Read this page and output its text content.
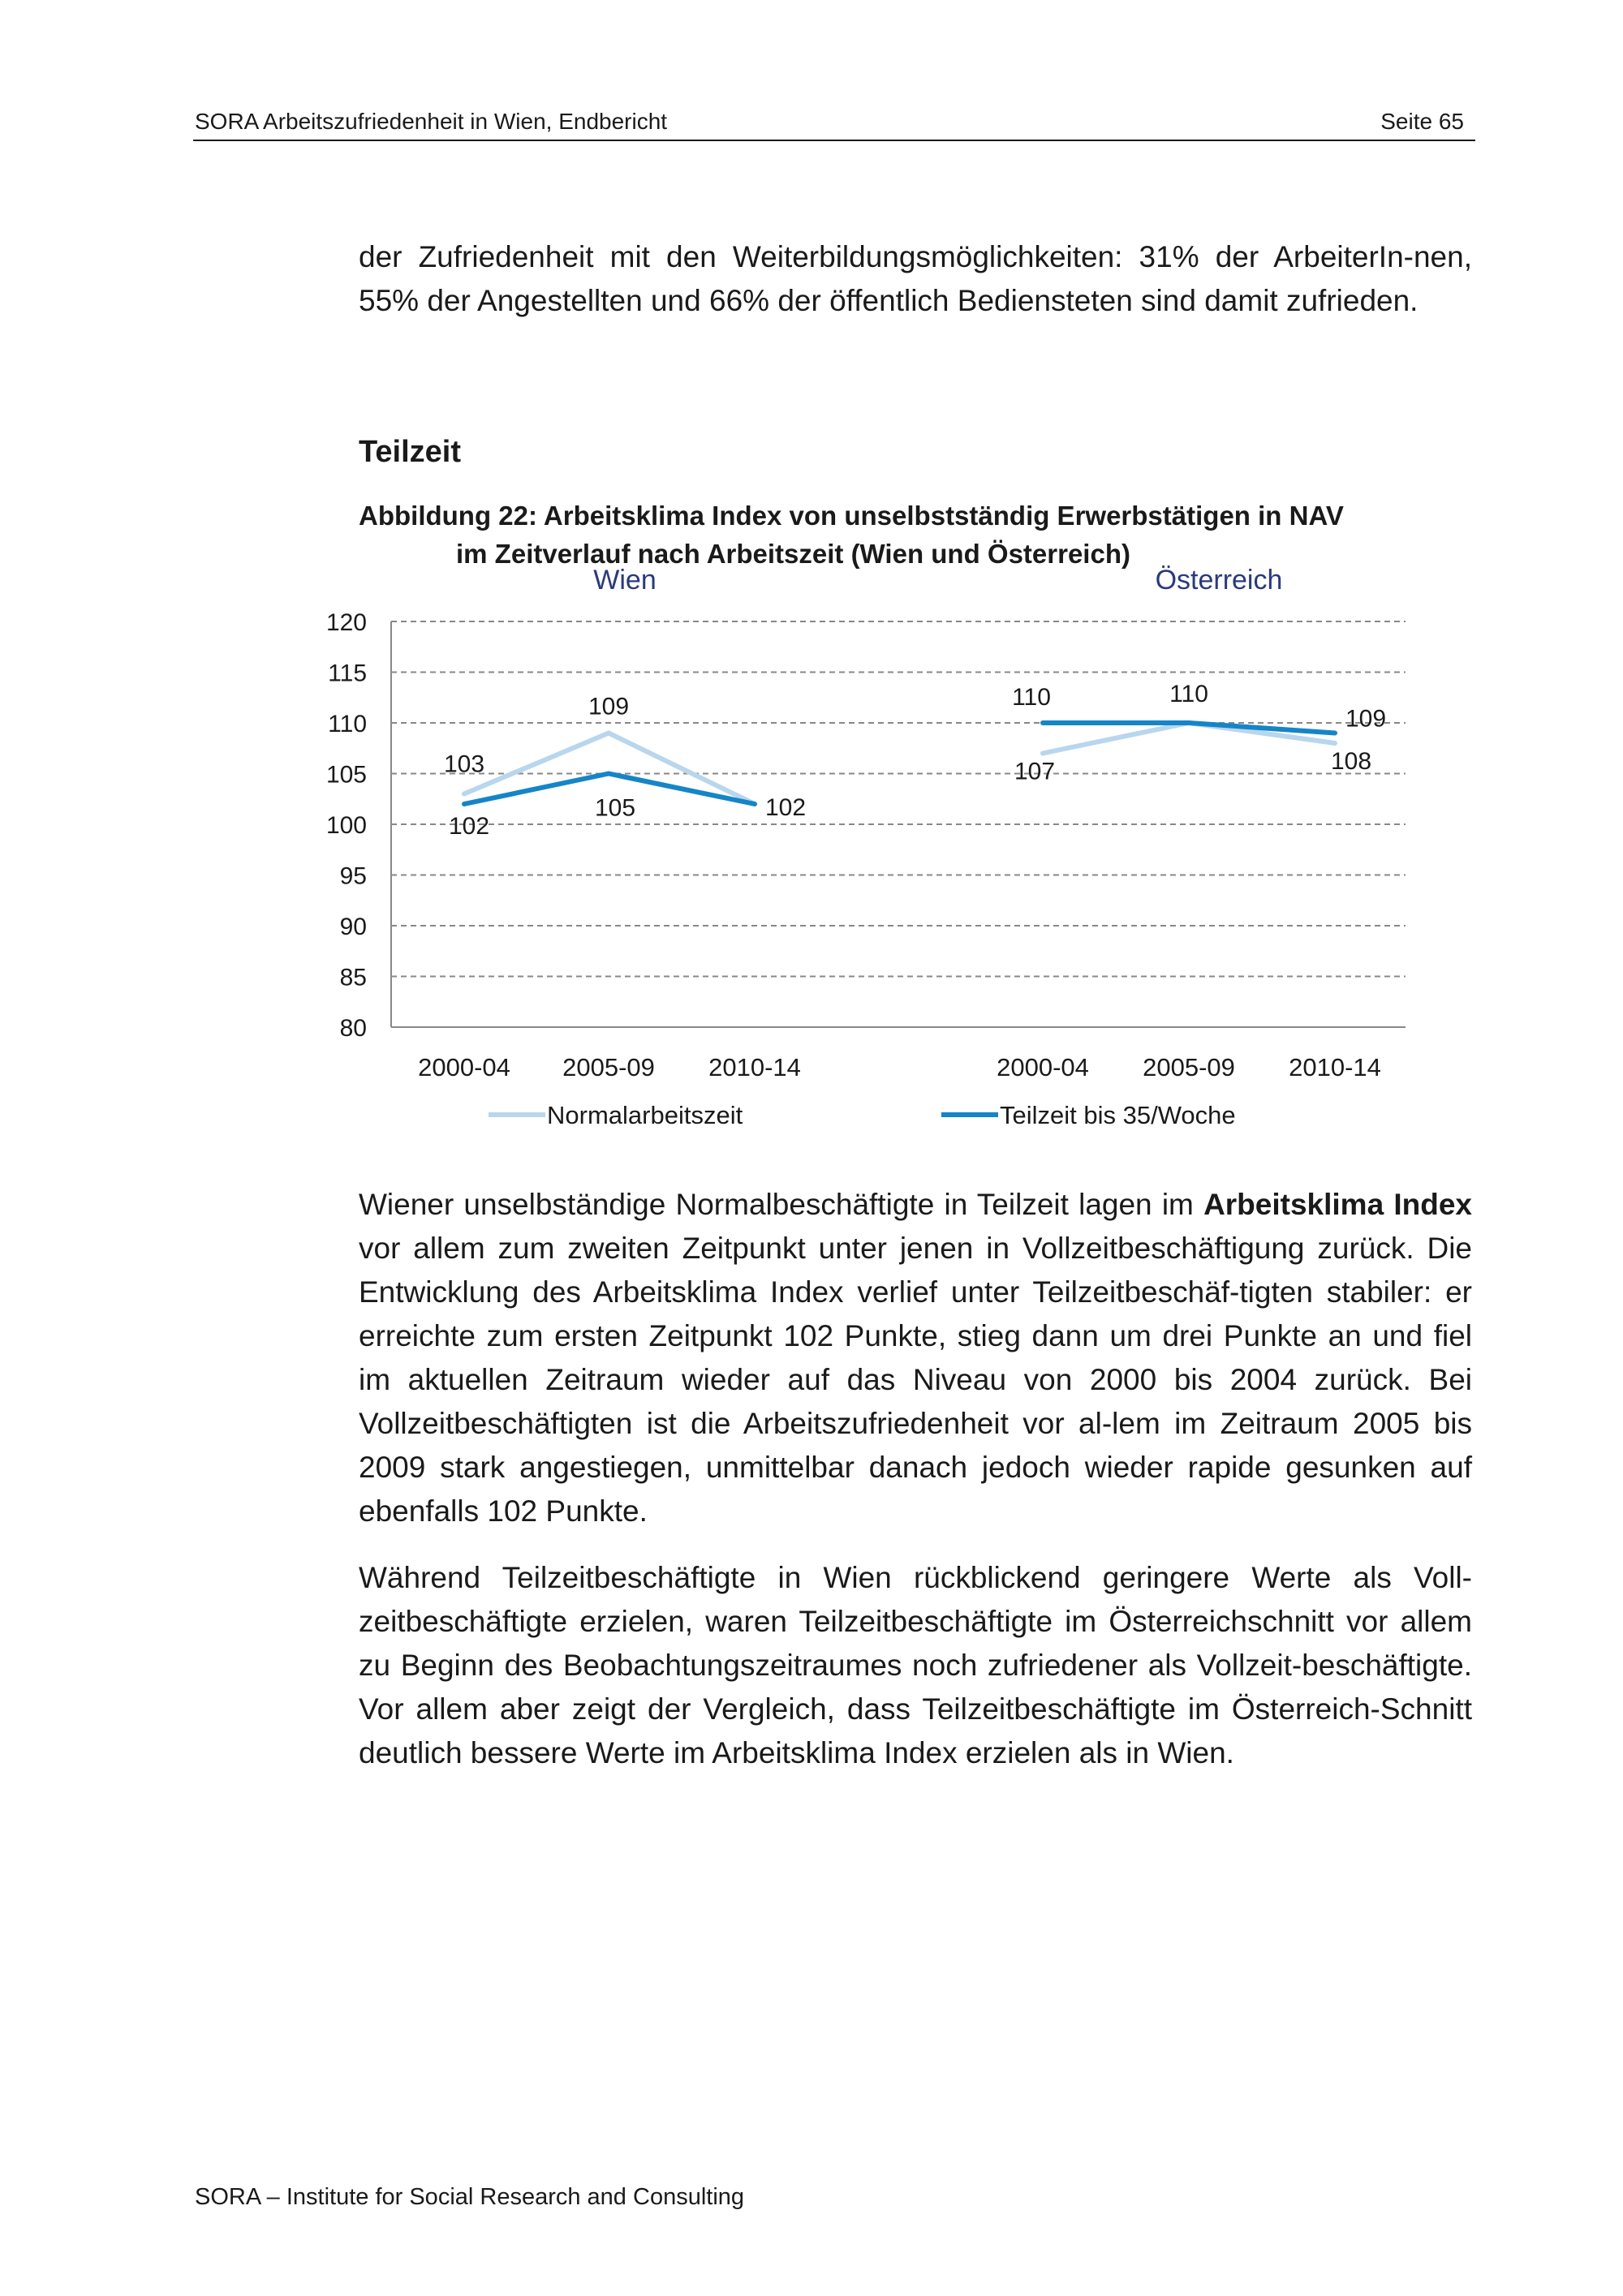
SORA Arbeitszufriedenheit in Wien, Endbericht	Seite 65

der Zufriedenheit mit den Weiterbildungsmöglichkeiten: 31% der ArbeiterIn-nen, 55% der Angestellten und 66% der öffentlich Bediensteten sind damit zufrieden.

Teilzeit
Abbildung 22: Arbeitsklima Index von unselbstständig Erwerbstätigen in NAV
im Zeitverlauf nach Arbeitszeit (Wien und Österreich)
80
85
90
95
100
105
110
115
120
Wien
2000-04 2005-09 2010-14
Österreich
2000-04 2005-09 2010-14
103
109
107
110
108
102
105	102
110
109
Normalarbeitszeit	Teilzeit bis 35/Woche

Wiener unselbständige Normalbeschäftigte in Teilzeit lagen im Arbeitsklima Index vor allem zum zweiten Zeitpunkt unter jenen in Vollzeitbeschäftigung zurück. Die Entwicklung des Arbeitsklima Index verlief unter Teilzeitbeschäf-tigten stabiler: er erreichte zum ersten Zeitpunkt 102 Punkte, stieg dann um drei Punkte an und fiel im aktuellen Zeitraum wieder auf das Niveau von 2000 bis 2004 zurück. Bei Vollzeitbeschäftigten ist die Arbeitszufriedenheit vor al-lem im Zeitraum 2005 bis 2009 stark angestiegen, unmittelbar danach jedoch wieder rapide gesunken auf ebenfalls 102 Punkte.

Während Teilzeitbeschäftigte in Wien rückblickend geringere Werte als Voll-zeitbeschäftigte erzielen, waren Teilzeitbeschäftigte im Österreichschnitt vor allem zu Beginn des Beobachtungszeitraumes noch zufriedener als Vollzeit-beschäftigte. Vor allem aber zeigt der Vergleich, dass Teilzeitbeschäftigte im Österreich-Schnitt deutlich bessere Werte im Arbeitsklima Index erzielen als in Wien.

SORA – Institute for Social Research and Consulting
